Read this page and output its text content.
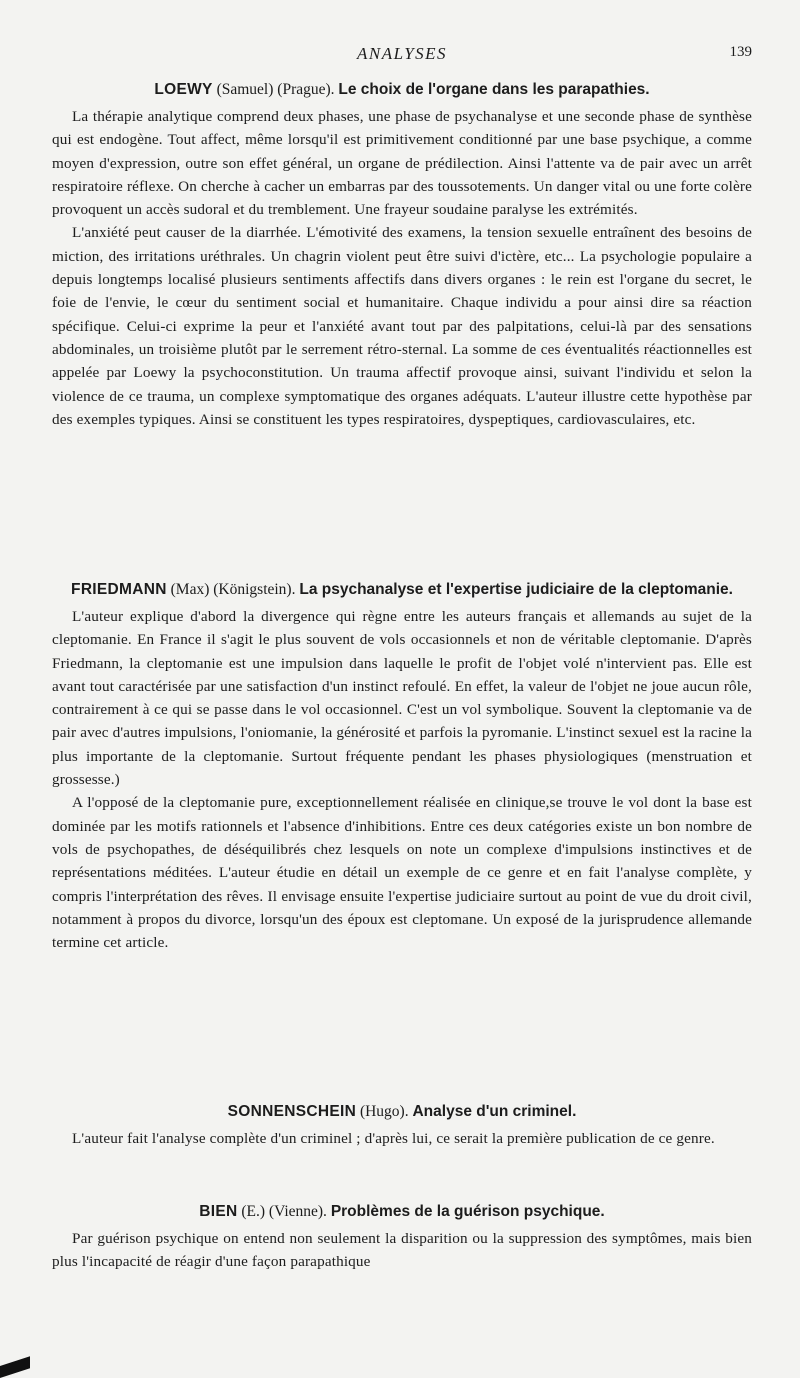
ANALYSES	139
LOEWY (Samuel) (Prague). Le choix de l'organe dans les parapathies.

La thérapie analytique comprend deux phases, une phase de psychanalyse et une seconde phase de synthèse qui est endogène. Tout affect, même lorsqu'il est primitivement conditionné par une base psychique, a comme moyen d'expression, outre son effet général, un organe de prédilection. Ainsi l'attente va de pair avec un arrêt respiratoire réflexe. On cherche à cacher un embarras par des toussotements. Un danger vital ou une forte colère provoquent un accès sudoral et du tremblement. Une frayeur soudaine paralyse les extrémités.

L'anxiété peut causer de la diarrhée. L'émotivité des examens, la tension sexuelle entraînent des besoins de miction, des irritations uréthrales. Un chagrin violent peut être suivi d'ictère, etc... La psychologie populaire a depuis longtemps localisé plusieurs sentiments affectifs dans divers organes : le rein est l'organe du secret, le foie de l'envie, le cœur du sentiment social et humanitaire. Chaque individu a pour ainsi dire sa réaction spécifique. Celui-ci exprime la peur et l'anxiété avant tout par des palpitations, celui-là par des sensations abdominales, un troisième plutôt par le serrement rétro-sternal. La somme de ces éventualités réactionnelles est appelée par Loewy la psychoconstitution. Un trauma affectif provoque ainsi, suivant l'individu et selon la violence de ce trauma, un complexe symptomatique des organes adéquats. L'auteur illustre cette hypothèse par des exemples typiques. Ainsi se constituent les types respiratoires, dyspeptiques, cardiovasculaires, etc.

FRIEDMANN (Max) (Königstein). La psychanalyse et l'expertise judiciaire de la cleptomanie.

L'auteur explique d'abord la divergence qui règne entre les auteurs français et allemands au sujet de la cleptomanie. En France il s'agit le plus souvent de vols occasionnels et non de véritable cleptomanie. D'après Friedmann, la cleptomanie est une impulsion dans laquelle le profit de l'objet volé n'intervient pas. Elle est avant tout caractérisée par une satisfaction d'un instinct refoulé. En effet, la valeur de l'objet ne joue aucun rôle, contrairement à ce qui se passe dans le vol occasionnel. C'est un vol symbolique. Souvent la cleptomanie va de pair avec d'autres impulsions, l'oniomanie, la générosité et parfois la pyromanie. L'instinct sexuel est la racine la plus importante de la cleptomanie. Surtout fréquente pendant les phases physiologiques (menstruation et grossesse.)

A l'opposé de la cleptomanie pure, exceptionnellement réalisée en clinique,se trouve le vol dont la base est dominée par les motifs rationnels et l'absence d'inhibitions. Entre ces deux catégories existe un bon nombre de vols de psychopathes, de déséquilibrés chez lesquels on note un complexe d'impulsions instinctives et de représentations méditées. L'auteur étudie en détail un exemple de ce genre et en fait l'analyse complète, y compris l'interprétation des rêves. Il envisage ensuite l'expertise judiciaire surtout au point de vue du droit civil, notamment à propos du divorce, lorsqu'un des époux est cleptomane. Un exposé de la jurisprudence allemande termine cet article.

SONNENSCHEIN (Hugo). Analyse d'un criminel.

L'auteur fait l'analyse complète d'un criminel ; d'après lui, ce serait la première publication de ce genre.

BIEN (E.) (Vienne). Problèmes de la guérison psychique.

Par guérison psychique on entend non seulement la disparition ou la suppression des symptômes, mais bien plus l'incapacité de réagir d'une façon parapathique
